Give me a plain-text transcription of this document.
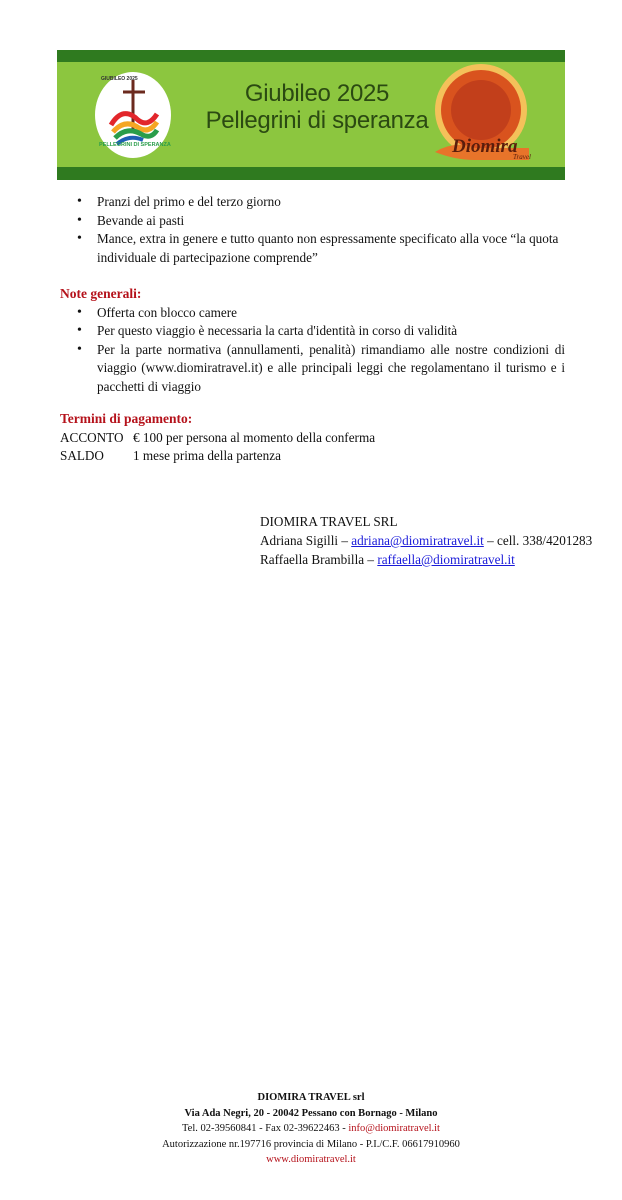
GIUBILEO 2025
PELLEGRINI DI SPERANZA
Giubileo 2025
Pellegrini di speranza
Diomira
Travel
• Pranzi del primo e del terzo giorno
• Bevande ai pasti
• Mance, extra in genere e tutto quanto non espressamente specificato alla voce “la quota individuale di partecipazione comprende”
Note generali:
• Offerta con blocco camere
• Per questo viaggio è necessaria la carta d'identità in corso di validità
• Per la parte normativa (annullamenti, penalità) rimandiamo alle nostre condizioni di viaggio (www.diomiratravel.it) e alle principali leggi che regolamentano il turismo e i pacchetti di viaggio
Termini di pagamento:
ACCONTO € 100 per persona al momento della conferma
SALDO	1 mese prima della partenza
DIOMIRA TRAVEL SRL
Adriana Sigilli – adriana@diomiratravel.it – cell. 338/4201283
Raffaella Brambilla – raffaella@diomiratravel.it
DIOMIRA TRAVEL srl
Via Ada Negri, 20 - 20042 Pessano con Bornago - Milano
Tel. 02-39560841 - Fax 02-39622463 - info@diomiratravel.it
Autorizzazione nr.197716 provincia di Milano - P.I./C.F. 06617910960
www.diomiratravel.it
